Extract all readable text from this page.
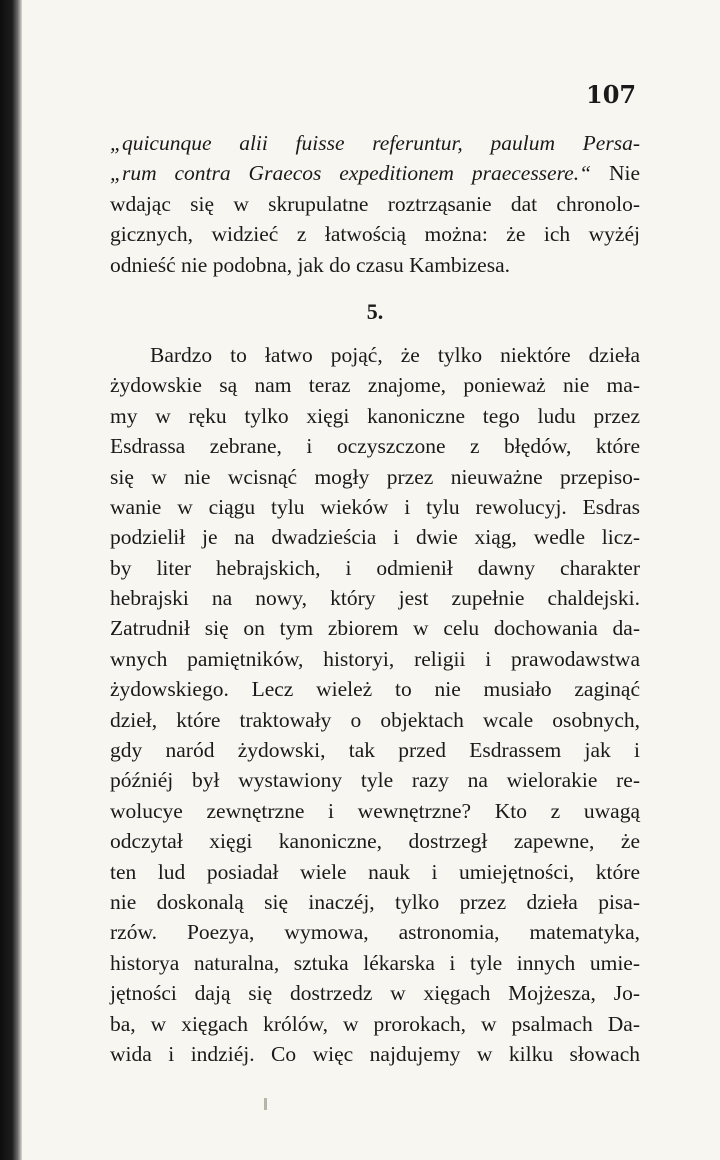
107

„quicunque alii fuisse referuntur, paulum Persa-
„rum contra Graecos expeditionem praecessere.“ Nie
wdając się w skrupulatne roztrząsanie dat chronolo-
gicznych, widzieć z łatwością można: że ich wyżéj
odnieść nie podobna, jak do czasu Kambizesa.
5.
Bardzo to łatwo pojąć, że tylko niektóre dzieła
żydowskie są nam teraz znajome, ponieważ nie ma-
my w ręku tylko xięgi kanoniczne tego ludu przez
Esdrassa zebrane, i oczyszczone z błędów, które
się w nie wcisnąć mogły przez nieuważne przepiso-
wanie w ciągu tylu wieków i tylu rewolucyj. Esdras
podzielił je na dwadzieścia i dwie xiąg, wedle licz-
by liter hebrajskich, i odmienił dawny charakter
hebrajski na nowy, który jest zupełnie chaldejski.
Zatrudnił się on tym zbiorem w celu dochowania da-
wnych pamiętników, historyi, religii i prawodawstwa
żydowskiego. Lecz wieleż to nie musiało zaginąć
dzieł, które traktowały o objektach wcale osobnych,
gdy naród żydowski, tak przed Esdrassem jak i
późniéj był wystawiony tyle razy na wielorakie re-
wolucye zewnętrzne i wewnętrzne? Kto z uwagą
odczytał xięgi kanoniczne, dostrzegł zapewne, że
ten lud posiadał wiele nauk i umiejętności, które
nie doskonalą się inaczéj, tylko przez dzieła pisa-
rzów. Poezya, wymowa, astronomia, matematyka,
historya naturalna, sztuka lékarska i tyle innych umie-
jętności dają się dostrzedz w xięgach Mojżesza, Jo-
ba, w xięgach królów, w prorokach, w psalmach Da-
wida i indziéj. Co więc najdujemy w kilku słowach
